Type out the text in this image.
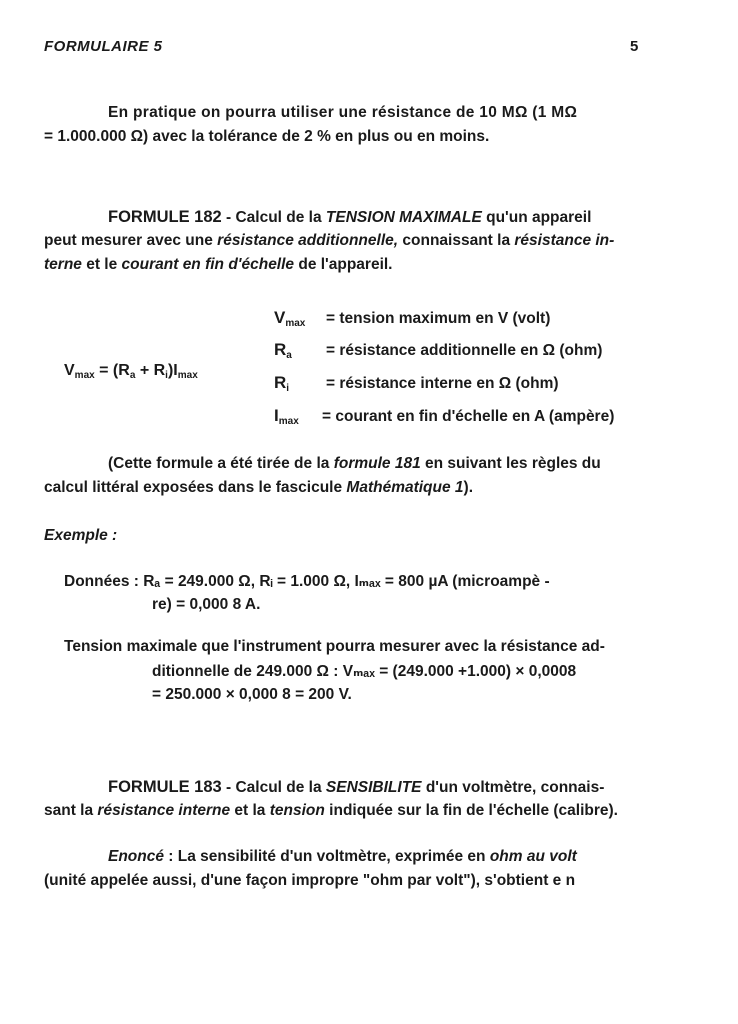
FORMULAIRE 5	5
En pratique on pourra utiliser une résistance de 10 MΩ (1 MΩ
= 1.000.000 Ω) avec la tolérance de 2 % en plus ou en moins.
FORMULE 182 - Calcul de la TENSION MAXIMALE qu'un appareil
peut mesurer avec une résistance additionnelle, connaissant la résistance in-
terne et le courant en fin d'échelle de l'appareil.
$V_{max} = (R_a + R_i)I_{max}$
$V_{max}$ = tension maximum en V (volt)
$R_a$ = résistance additionnelle en Ω (ohm)
$R_i$ = résistance interne en Ω (ohm)
$I_{max}$ = courant en fin d'échelle en A (ampère)
(Cette formule a été tirée de la formule 181 en suivant les règles du
calcul littéral exposées dans le fascicule Mathématique 1).
Exemple :
Données : Rₐ = 249.000 Ω, Rᵢ = 1.000 Ω, Iₘₐₓ = 800 µA (microampè -
re) = 0,000 8 A.
Tension maximale que l'instrument pourra mesurer avec la résistance ad-
ditionnelle de 249.000 Ω : Vₘₐₓ = (249.000 +1.000) × 0,0008
= 250.000 × 0,000 8 = 200 V.
FORMULE 183 - Calcul de la SENSIBILITE d'un voltmètre, connais-
sant la résistance interne et la tension indiquée sur la fin de l'échelle (calibre).
Enoncé : La sensibilité d'un voltmètre, exprimée en ohm au volt
(unité appelée aussi, d'une façon impropre "ohm par volt"), s'obtient e n
